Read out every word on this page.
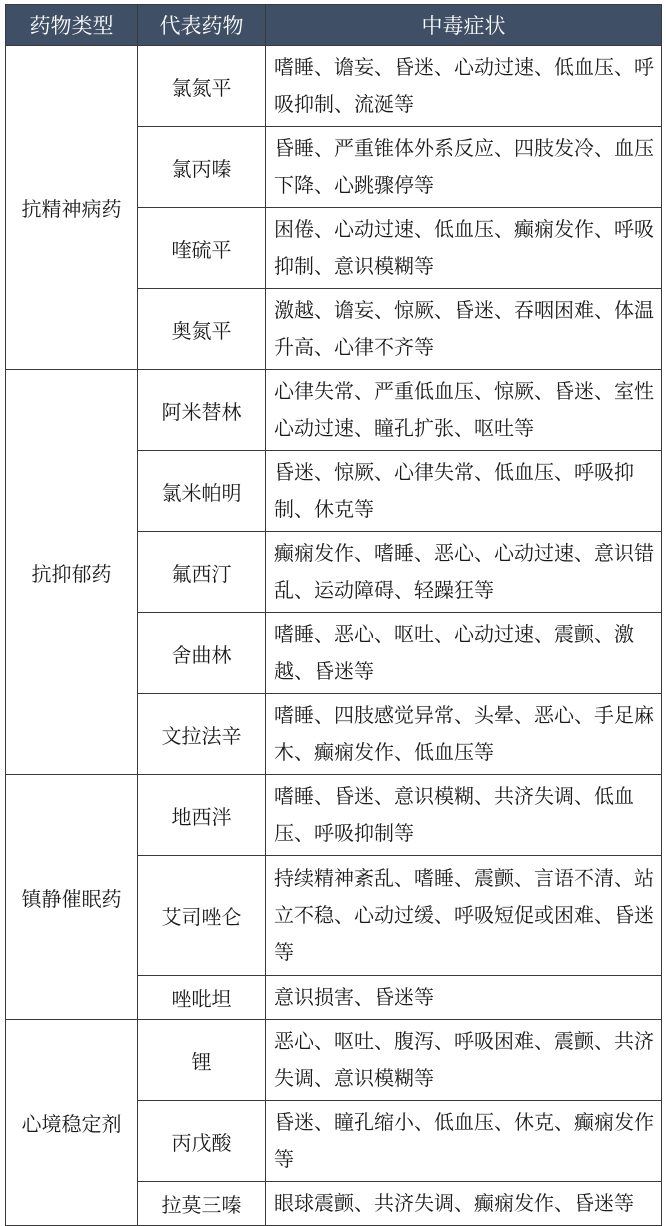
药物类型	代表药物	中毒症状
抗精神病药	氯氮平	嗜睡、谵妄、昏迷、心动过速、低血压、呼吸抑制、流涎等
	氯丙嗪	昏睡、严重锥体外系反应、四肢发冷、血压下降、心跳骤停等
	喹硫平	困倦、心动过速、低血压、癫痫发作、呼吸抑制、意识模糊等
	奥氮平	激越、谵妄、惊厥、昏迷、吞咽困难、体温升高、心律不齐等
抗抑郁药	阿米替林	心律失常、严重低血压、惊厥、昏迷、室性心动过速、瞳孔扩张、呕吐等
	氯米帕明	昏迷、惊厥、心律失常、低血压、呼吸抑制、休克等
	氟西汀	癫痫发作、嗜睡、恶心、心动过速、意识错乱、运动障碍、轻躁狂等
	舍曲林	嗜睡、恶心、呕吐、心动过速、震颤、激越、昏迷等
	文拉法辛	嗜睡、四肢感觉异常、头晕、恶心、手足麻木、癫痫发作、低血压等
镇静催眠药	地西泮	嗜睡、昏迷、意识模糊、共济失调、低血压、呼吸抑制等
	艾司唑仑	持续精神紊乱、嗜睡、震颤、言语不清、站立不稳、心动过缓、呼吸短促或困难、昏迷等
	唑吡坦	意识损害、昏迷等
心境稳定剂	锂	恶心、呕吐、腹泻、呼吸困难、震颤、共济失调、意识模糊等
	丙戊酸	昏迷、瞳孔缩小、低血压、休克、癫痫发作等
	拉莫三嗪	眼球震颤、共济失调、癫痫发作、昏迷等
